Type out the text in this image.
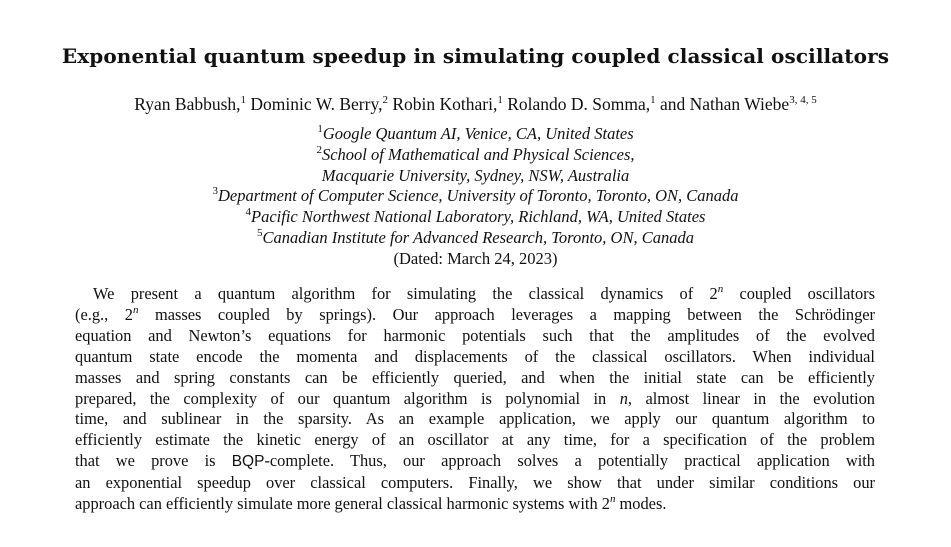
Exponential quantum speedup in simulating coupled classical oscillators
Ryan Babbush,$^1$ Dominic W. Berry,$^2$ Robin Kothari,$^1$ Rolando D. Somma,$^1$ and Nathan Wiebe$^{3, 4, 5}$
$^1$Google Quantum AI, Venice, CA, United States
$^2$School of Mathematical and Physical Sciences,
Macquarie University, Sydney, NSW, Australia
$^3$Department of Computer Science, University of Toronto, Toronto, ON, Canada
$^4$Pacific Northwest National Laboratory, Richland, WA, United States
$^5$Canadian Institute for Advanced Research, Toronto, ON, Canada
(Dated: March 24, 2023)
We present a quantum algorithm for simulating the classical dynamics of 2$^n$ coupled oscillators
(e.g., 2$^n$ masses coupled by springs). Our approach leverages a mapping between the Schrödinger
equation and Newton’s equations for harmonic potentials such that the amplitudes of the evolved
quantum state encode the momenta and displacements of the classical oscillators. When individual
masses and spring constants can be efficiently queried, and when the initial state can be efficiently
prepared, the complexity of our quantum algorithm is polynomial in n, almost linear in the evolution
time, and sublinear in the sparsity. As an example application, we apply our quantum algorithm to
efficiently estimate the kinetic energy of an oscillator at any time, for a specification of the problem
that we prove is BQP-complete. Thus, our approach solves a potentially practical application with
an exponential speedup over classical computers. Finally, we show that under similar conditions our
approach can efficiently simulate more general classical harmonic systems with 2$^n$ modes.
